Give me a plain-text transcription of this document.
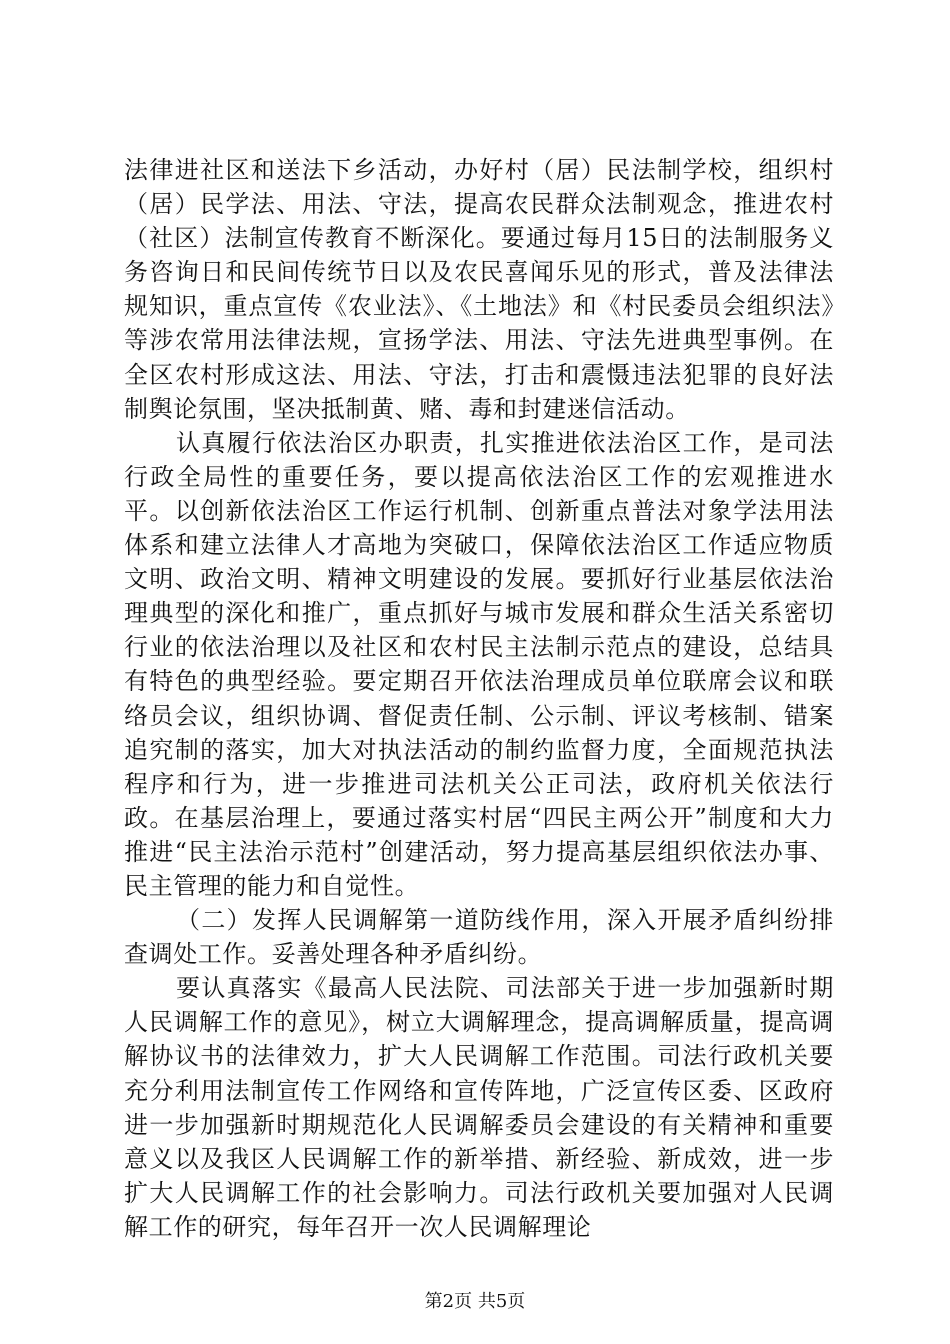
法律进社区和送法下乡活动，办好村（居）民法制学校，组织村（居）民学法、用法、守法，提高农民群众法制观念，推进农村（社区）法制宣传教育不断深化。要通过每月15日的法制服务义务咨询日和民间传统节日以及农民喜闻乐见的形式，普及法律法规知识，重点宣传《农业法》、《土地法》和《村民委员会组织法》等涉农常用法律法规，宣扬学法、用法、守法先进典型事例。在全区农村形成这法、用法、守法，打击和震慑违法犯罪的良好法制舆论氛围，坚决抵制黄、赌、毒和封建迷信活动。

认真履行依法治区办职责，扎实推进依法治区工作，是司法行政全局性的重要任务，要以提高依法治区工作的宏观推进水平。以创新依法治区工作运行机制、创新重点普法对象学法用法体系和建立法律人才高地为突破口，保障依法治区工作适应物质文明、政治文明、精神文明建设的发展。要抓好行业基层依法治理典型的深化和推广，重点抓好与城市发展和群众生活关系密切行业的依法治理以及社区和农村民主法制示范点的建设，总结具有特色的典型经验。要定期召开依法治理成员单位联席会议和联络员会议，组织协调、督促责任制、公示制、评议考核制、错案追究制的落实，加大对执法活动的制约监督力度，全面规范执法程序和行为，进一步推进司法机关公正司法，政府机关依法行政。在基层治理上，要通过落实村居“四民主两公开”制度和大力推进“民主法治示范村”创建活动，努力提高基层组织依法办事、民主管理的能力和自觉性。

（二）发挥人民调解第一道防线作用，深入开展矛盾纠纷排查调处工作。妥善处理各种矛盾纠纷。

要认真落实《最高人民法院、司法部关于进一步加强新时期人民调解工作的意见》，树立大调解理念，提高调解质量，提高调解协议书的法律效力，扩大人民调解工作范围。司法行政机关要充分利用法制宣传工作网络和宣传阵地，广泛宣传区委、区政府进一步加强新时期规范化人民调解委员会建设的有关精神和重要意义以及我区人民调解工作的新举措、新经验、新成效，进一步扩大人民调解工作的社会影响力。司法行政机关要加强对人民调解工作的研究，每年召开一次人民调解理论

第2页 共5页
